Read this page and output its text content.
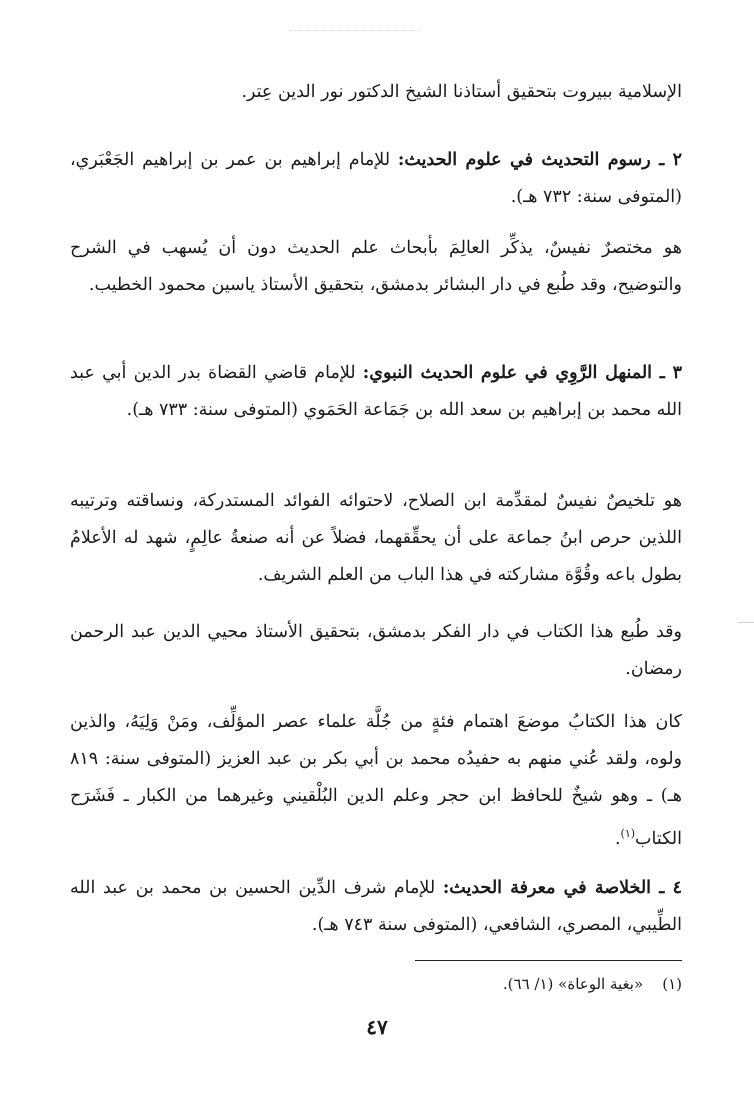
الإسلامية ببيروت بتحقيق أستاذنا الشيخ الدكتور نور الدين عِتر.

٢ ـ رسوم التحديث في علوم الحديث: للإمام إبراهيم بن عمر بن إبراهيم الجَعْبَري، (المتوفى سنة: ٧٣٢ هـ).

هو مختصرٌ نفيسٌ، يذكِّر العالِمَ بأبحاث علم الحديث دون أن يُسهب في الشرح والتوضيح، وقد طُبع في دار البشائر بدمشق، بتحقيق الأستاذ ياسين محمود الخطيب.

٣ ـ المنهل الرَّوِي في علوم الحديث النبوي: للإمام قاضي القضاة بدر الدين أبي عبد الله محمد بن إبراهيم بن سعد الله بن جَمَاعة الحَمَوي (المتوفى سنة: ٧٣٣ هـ).

هو تلخيصٌ نفيسٌ لمقدِّمة ابن الصلاح، لاحتوائه الفوائد المستدركة، ونساقته وترتيبه اللذين حرص ابنُ جماعة على أن يحقِّقهما، فضلاً عن أنه صنعةُ عالِمٍ، شهد له الأعلامُ بطول باعه وقُوَّة مشاركته في هذا الباب من العلم الشريف.

وقد طُبع هذا الكتاب في دار الفكر بدمشق، بتحقيق الأستاذ محيي الدين عبد الرحمن رمضان.

كان هذا الكتابُ موضعَ اهتمام فئةٍ من جُلَّة علماء عصر المؤلِّف، ومَنْ وَلِيَهُ، والذين ولوه، ولقد عُني منهم به حفيدُه محمد بن أبي بكر بن عبد العزيز (المتوفى سنة: ٨١٩ هـ) ـ وهو شيخٌ للحافظ ابن حجر وعلم الدين البُلْقيني وغيرهما من الكبار ـ فَشَرَح الكتاب$^{(١)}$.

٤ ـ الخلاصة في معرفة الحديث: للإمام شرف الدِّين الحسين بن محمد بن عبد الله الطِّيبي، المصري، الشافعي، (المتوفى سنة ٧٤٣ هـ).

(١)    «بغية الوعاة» (١/ ٦٦).
٤٧
